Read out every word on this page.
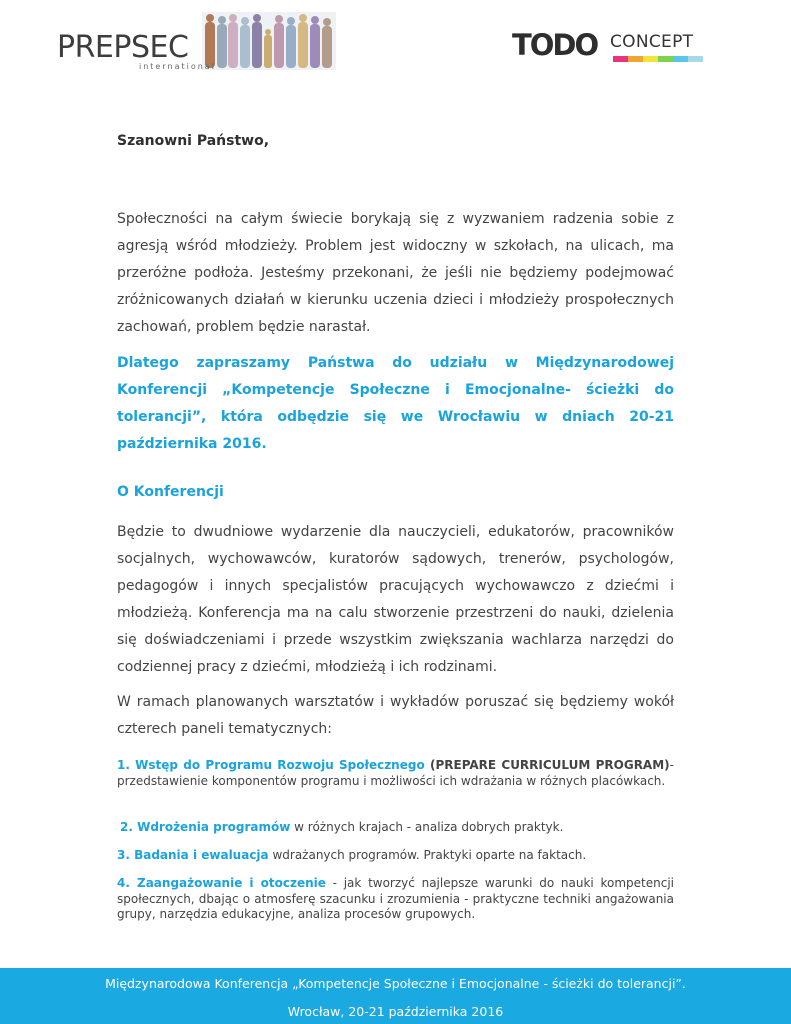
PREPSEC
international
TODO CONCEPT
Szanowni Państwo,
Społeczności na całym świecie borykają się z wyzwaniem radzenia sobie z agresją wśród młodzieży. Problem jest widoczny w szkołach, na ulicach, ma przeróżne podłoża. Jesteśmy przekonani, że jeśli nie będziemy podejmować zróżnicowanych działań w kierunku uczenia dzieci i młodzieży prospołecznych zachowań, problem będzie narastał.
Dlatego zapraszamy Państwa do udziału w Międzynarodowej Konferencji „Kompetencje Społeczne i Emocjonalne- ścieżki do tolerancji”, która odbędzie się we Wrocławiu w dniach 20-21 października 2016.
O Konferencji
Będzie to dwudniowe wydarzenie dla nauczycieli, edukatorów, pracowników socjalnych, wychowawców, kuratorów sądowych, trenerów, psychologów, pedagogów i innych specjalistów pracujących wychowawczo z dziećmi i młodzieżą. Konferencja ma na calu stworzenie przestrzeni do nauki, dzielenia się doświadczeniami i przede wszystkim zwiększania wachlarza narzędzi do codziennej pracy z dziećmi, młodzieżą i ich rodzinami.
W ramach planowanych warsztatów i wykładów poruszać się będziemy wokół czterech paneli tematycznych:
1. Wstęp do Programu Rozwoju Społecznego (PREPARE CURRICULUM PROGRAM)- przedstawienie komponentów programu i możliwości ich wdrażania w różnych placówkach.
2. Wdrożenia programów w różnych krajach - analiza dobrych praktyk.
3. Badania i ewaluacja wdrażanych programów. Praktyki oparte na faktach.
4. Zaangażowanie i otoczenie - jak tworzyć najlepsze warunki do nauki kompetencji społecznych, dbając o atmosferę szacunku i zrozumienia - praktyczne techniki angażowania grupy, narzędzia edukacyjne, analiza procesów grupowych.
Międzynarodowa Konferencja „Kompetencje Społeczne i Emocjonalne - ścieżki do tolerancji”.
Wrocław, 20-21 października 2016
